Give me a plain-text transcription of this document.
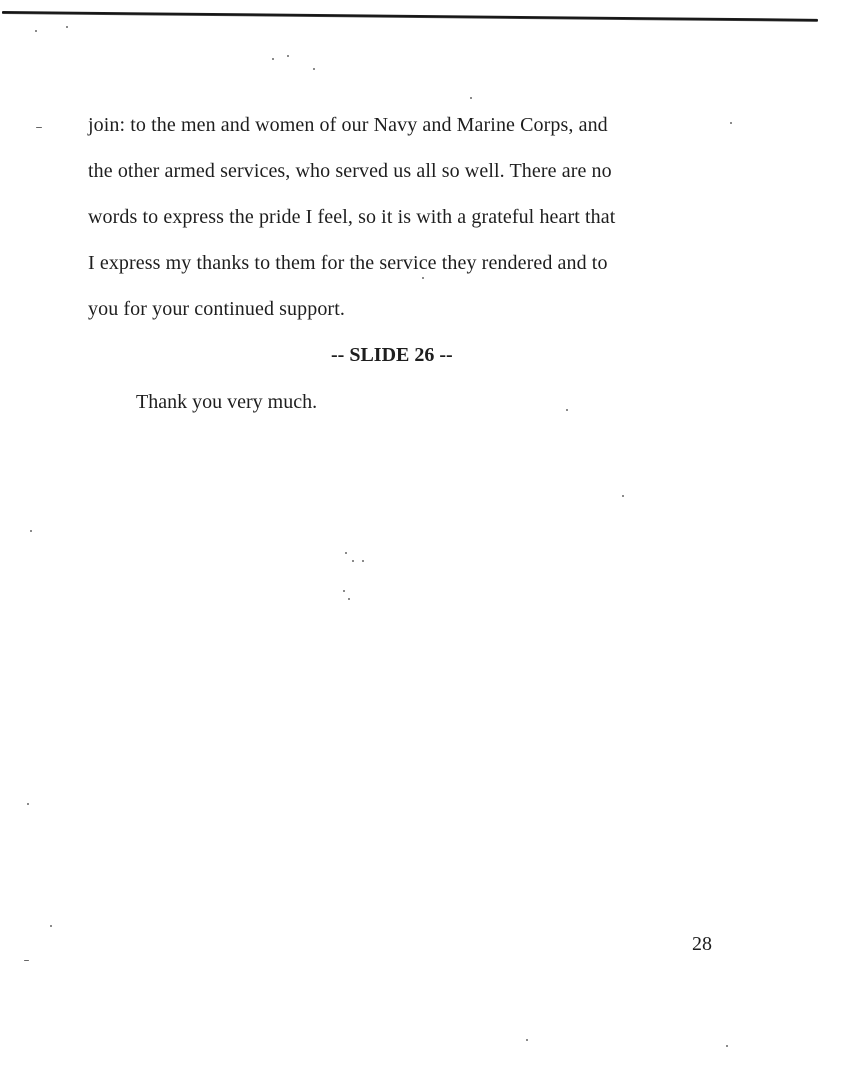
join: to the men and women of our Navy and Marine Corps, and
the other armed services, who served us all so well. There are no
words to express the pride I feel, so it is with a grateful heart that
I express my thanks to them for the service they rendered and to
you for your continued support.
-- SLIDE 26 --
Thank you very much.
28
